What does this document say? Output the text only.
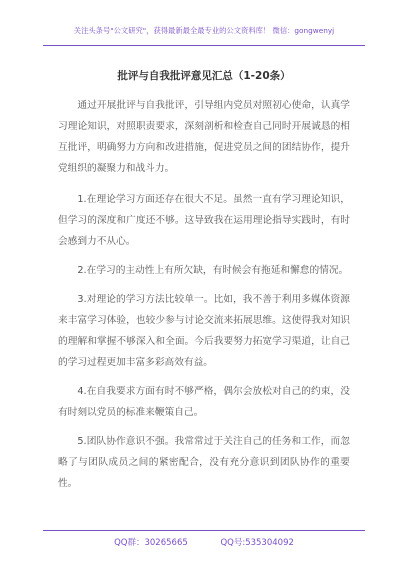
关注头条号"公文研究"，获得最新最全最专业的公文资料库！ 微信：gongwenyj
批评与自我批评意见汇总（1-20条）

通过开展批评与自我批评，引导组内党员对照初心使命，认真学习理论知识，对照职责要求，深刻剖析和检查自己同时开展诚恳的相互批评，明确努力方向和改进措施，促进党员之间的团结协作，提升党组织的凝聚力和战斗力。

1.在理论学习方面还存在很大不足。虽然一直有学习理论知识，但学习的深度和广度还不够。这导致我在运用理论指导实践时，有时会感到力不从心。

2.在学习的主动性上有所欠缺，有时候会有拖延和懈怠的情况。

3.对理论的学习方法比较单一。比如，我不善于利用多媒体资源来丰富学习体验，也较少参与讨论交流来拓展思维。这使得我对知识的理解和掌握不够深入和全面。今后我要努力拓宽学习渠道，让自己的学习过程更加丰富多彩高效有益。

4.在自我要求方面有时不够严格，偶尔会放松对自己的约束，没有时刻以党员的标准来鞭策自己。

5.团队协作意识不强。我常常过于关注自己的任务和工作，而忽略了与团队成员之间的紧密配合，没有充分意识到团队协作的重要性。

QQ群：30265665	QQ号:535304092
